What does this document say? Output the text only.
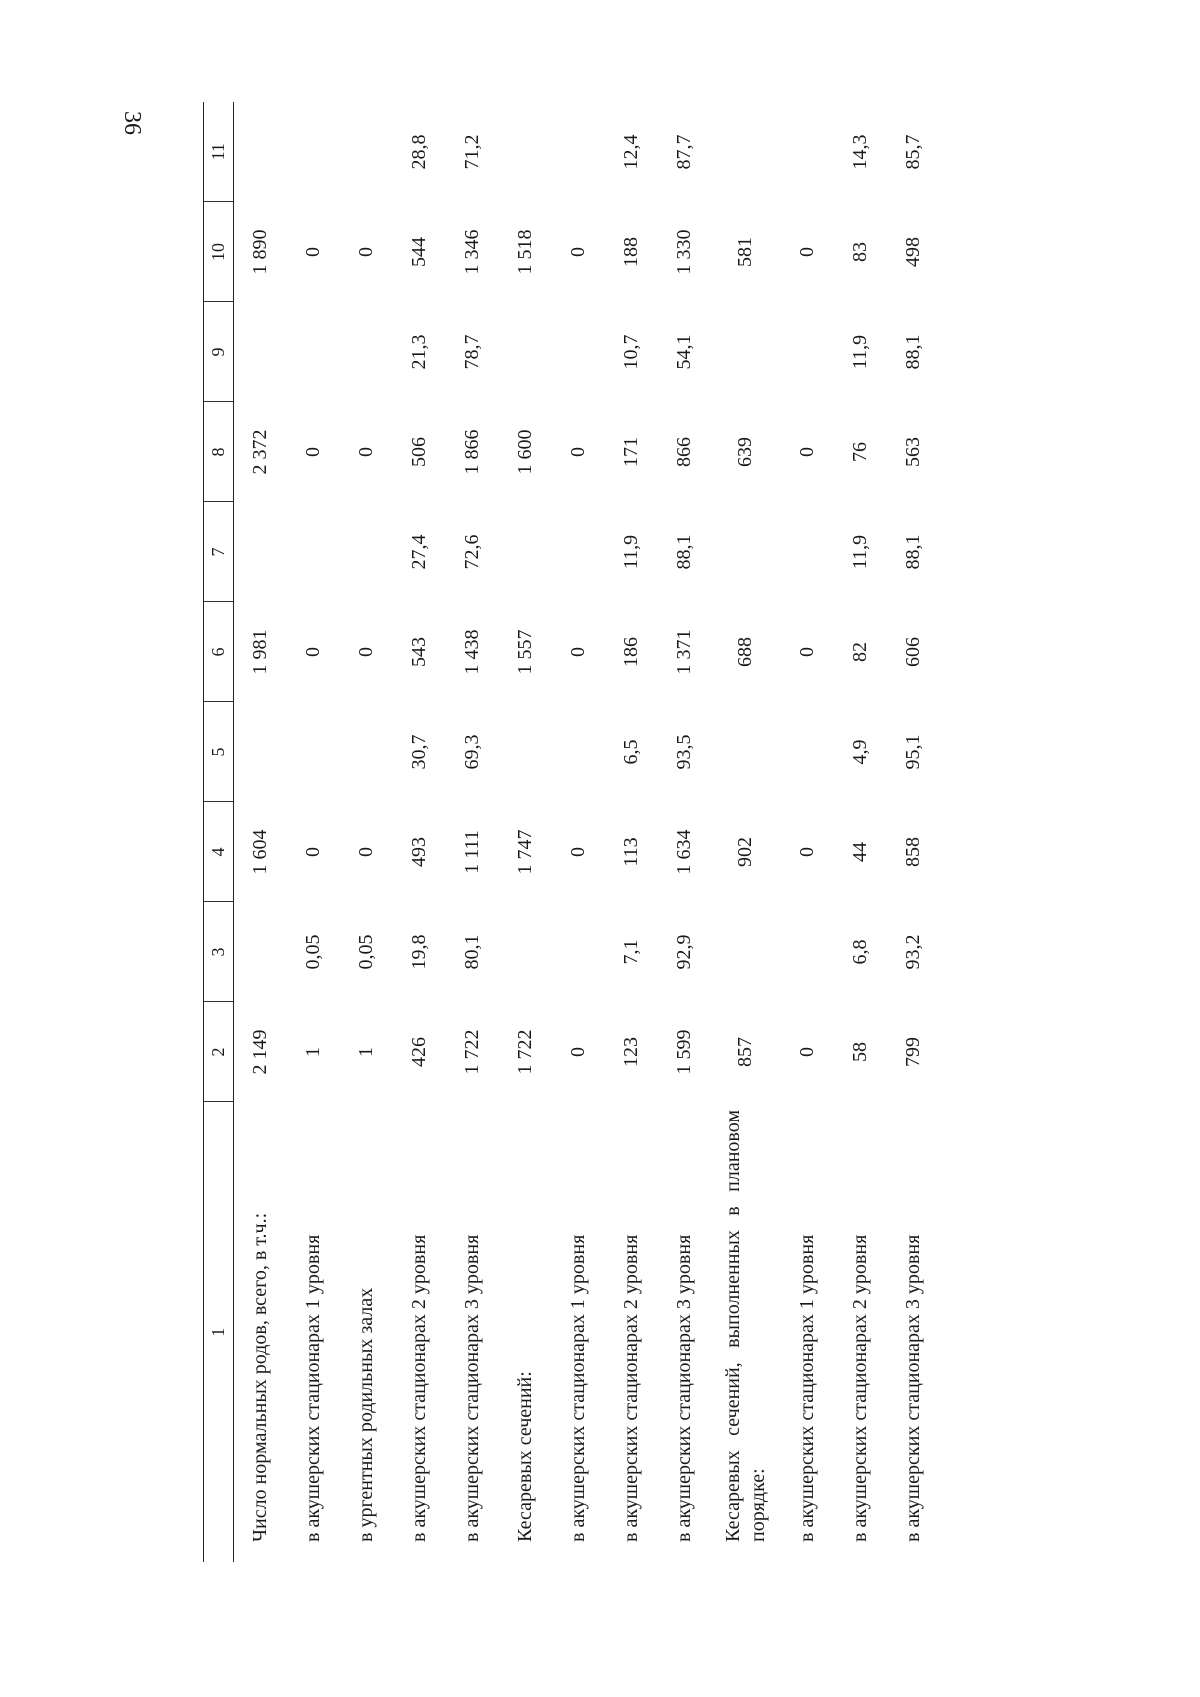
36
1	2	3	4	5	6	7	8	9	10	11
Число нормальных родов, всего, в т.ч.:	2 149		1 604		1 981		2 372		1 890	
в акушерских стационарах 1 уровня	1	0,05	0		0		0		0	
в ургентных родильных залах	1	0,05	0		0		0		0	
в акушерских стационарах 2 уровня	426	19,8	493	30,7	543	27,4	506	21,3	544	28,8
в акушерских стационарах 3 уровня	1 722	80,1	1 111	69,3	1 438	72,6	1 866	78,7	1 346	71,2
Кесаревых сечений:	1 722		1 747		1 557		1 600		1 518	
в акушерских стационарах 1 уровня	0		0		0		0		0	
в акушерских стационарах 2 уровня	123	7,1	113	6,5	186	11,9	171	10,7	188	12,4
в акушерских стационарах 3 уровня	1 599	92,9	1 634	93,5	1 371	88,1	866	54,1	1 330	87,7
Кесаревых сечений, выполненных в плановом порядке:	857		902		688		639		581	
в акушерских стационарах 1 уровня	0		0		0		0		0	
в акушерских стационарах 2 уровня	58	6,8	44	4,9	82	11,9	76	11,9	83	14,3
в акушерских стационарах 3 уровня	799	93,2	858	95,1	606	88,1	563	88,1	498	85,7
